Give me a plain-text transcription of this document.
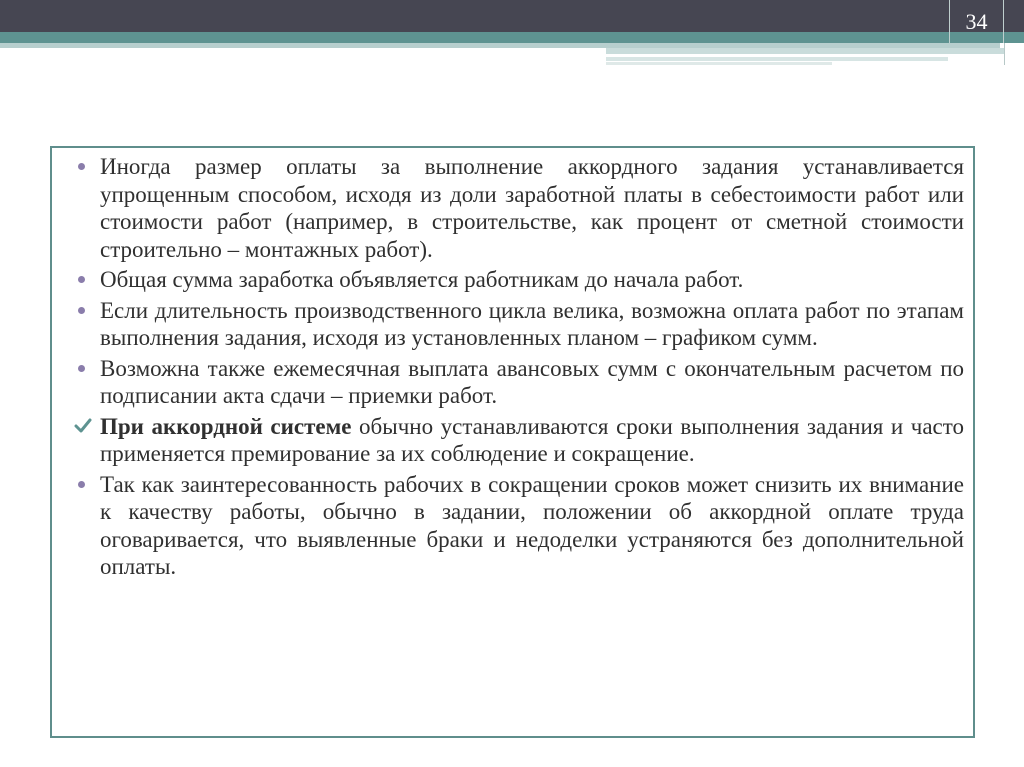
34
Иногда размер оплаты за выполнение аккордного задания устанавливается упрощенным способом, исходя из доли заработной платы в себестоимости работ или стоимости работ (например, в строительстве, как процент от сметной стоимости строительно – монтажных работ).
Общая сумма заработка объявляется работникам до начала работ.
Если длительность производственного цикла велика, возможна оплата работ по этапам выполнения задания, исходя из установленных планом – графиком сумм.
Возможна также ежемесячная выплата авансовых сумм с окончательным расчетом по подписании акта сдачи – приемки работ.
При аккордной системе обычно устанавливаются сроки выполнения задания и часто применяется премирование за их соблюдение и сокращение.
Так как заинтересованность рабочих в сокращении сроков может снизить их внимание к качеству работы, обычно в задании, положении об аккордной оплате труда оговаривается, что выявленные браки и недоделки устраняются без дополнительной оплаты.
